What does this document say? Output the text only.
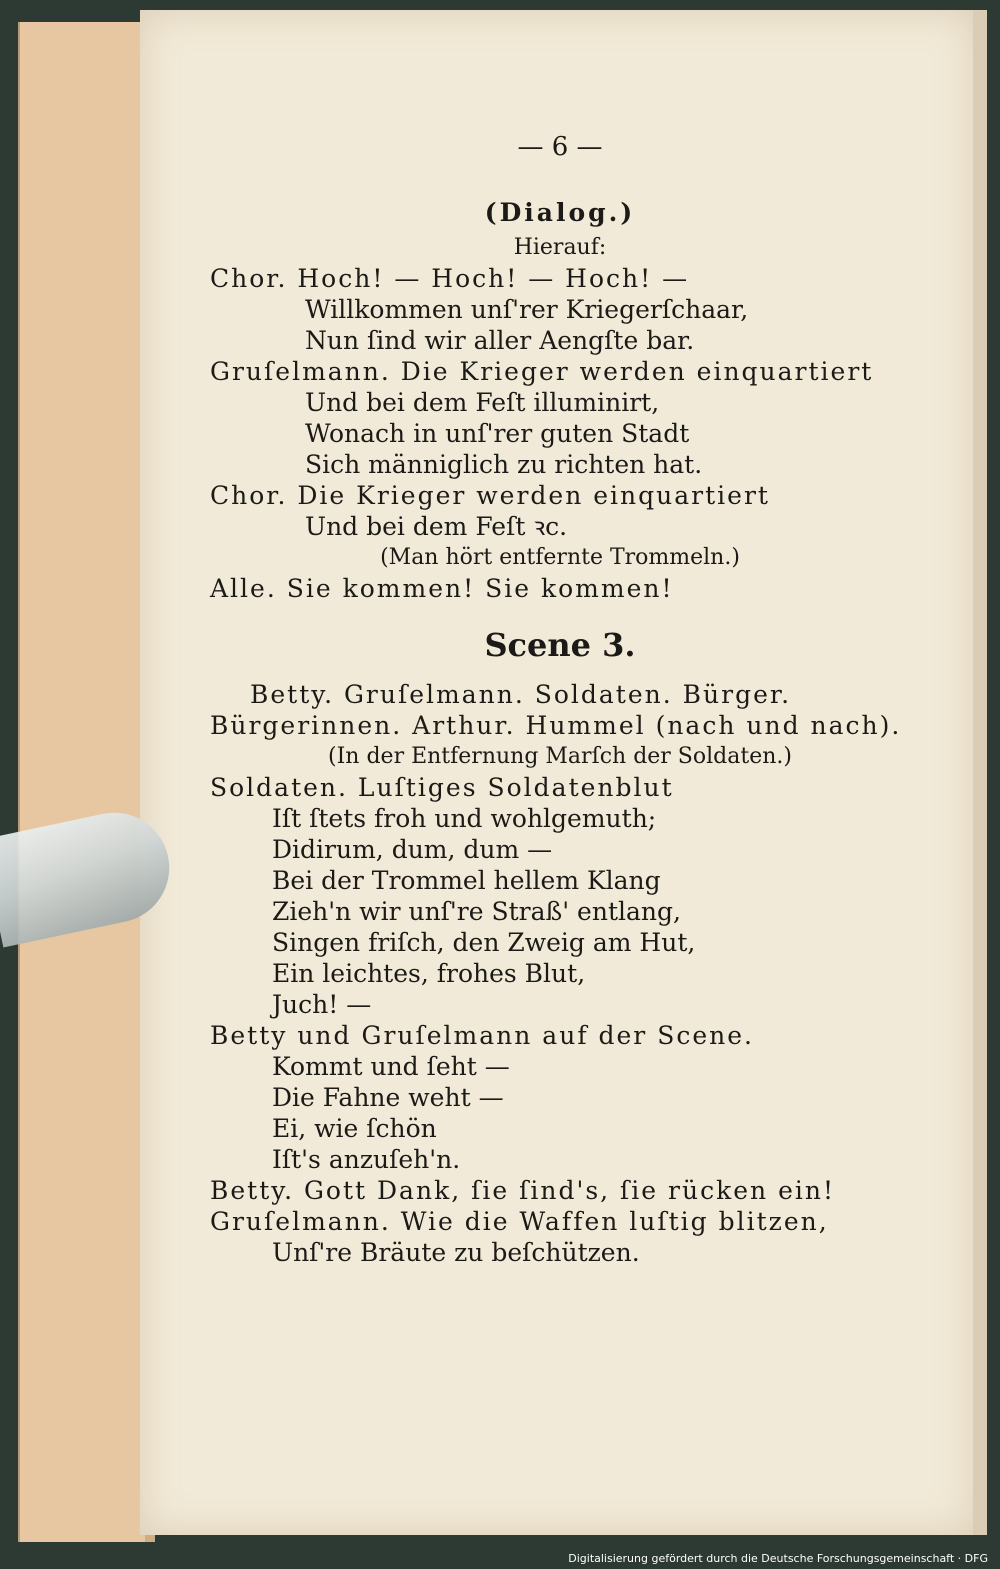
— 6 —
(Dialog.)
Hierauf:
Chor. Hoch! — Hoch! — Hoch! —
Willkommen unſ'rer Kriegerſchaar,
Nun ſind wir aller Aengſte bar.
Gruſelmann. Die Krieger werden einquartiert
Und bei dem Feſt illuminirt,
Wonach in unſ'rer guten Stadt
Sich männiglich zu richten hat.
Chor. Die Krieger werden einquartiert
Und bei dem Feſt ꝛc.
(Man hört entfernte Trommeln.)
Alle. Sie kommen! Sie kommen!
Scene 3.
Betty. Gruſelmann. Soldaten. Bürger.
Bürgerinnen. Arthur. Hummel (nach und nach).
(In der Entfernung Marſch der Soldaten.)
Soldaten. Luſtiges Soldatenblut
Iſt ſtets froh und wohlgemuth;
Didirum, dum, dum —
Bei der Trommel hellem Klang
Zieh'n wir unſ're Straß' entlang,
Singen friſch, den Zweig am Hut,
Ein leichtes, frohes Blut,
Juch! —
Betty und Gruſelmann auf der Scene.
Kommt und ſeht —
Die Fahne weht —
Ei, wie ſchön
Iſt's anzuſeh'n.
Betty. Gott Dank, ſie ſind's, ſie rücken ein!
Gruſelmann. Wie die Waffen luſtig blitzen,
Unſ're Bräute zu beſchützen.
Digitalisierung gefördert durch die Deutsche Forschungsgemeinschaft · DFG
